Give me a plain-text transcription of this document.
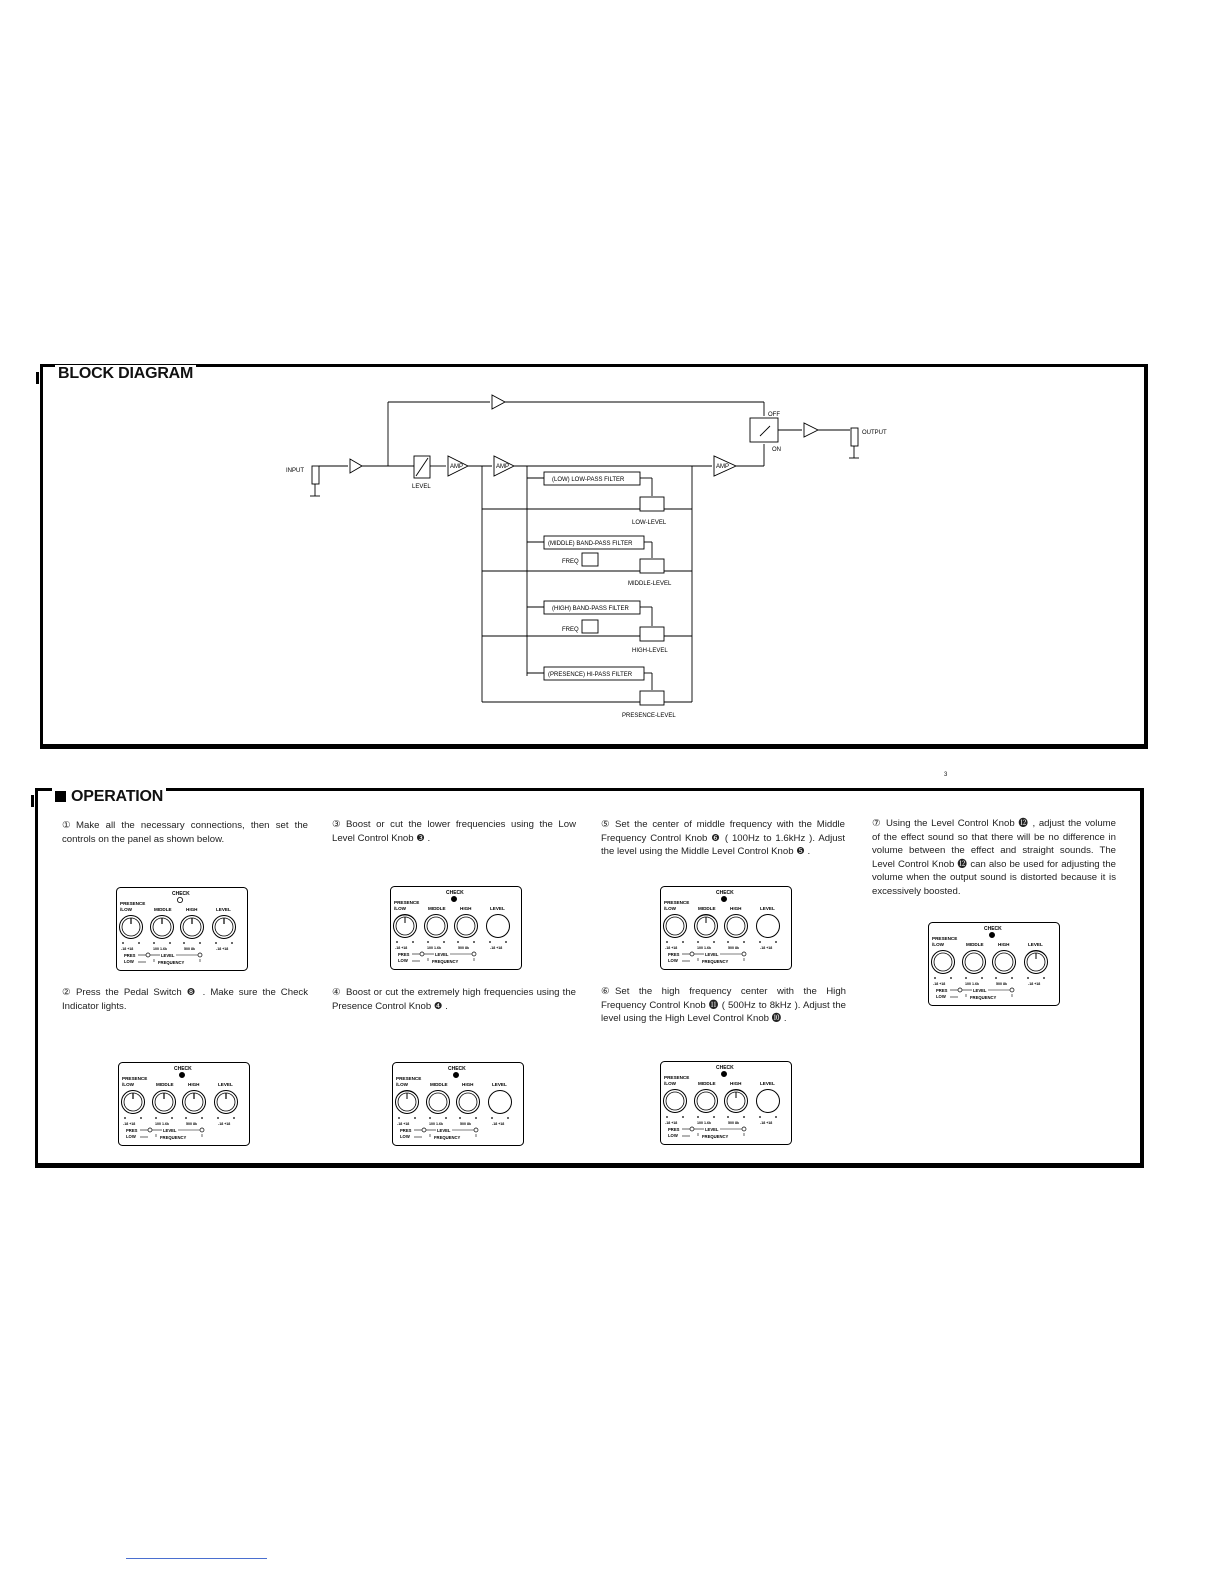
BLOCK DIAGRAM
INPUT
OUTPUT
LEVEL
AMP	AMP	AMP
OFF
ON
(LOW) LOW-PASS FILTER
LOW-LEVEL
(MIDDLE) BAND-PASS FILTER
FREQ
MIDDLE-LEVEL
(HIGH) BAND-PASS FILTER
FREQ
HIGH-LEVEL
(PRESENCE) HI-PASS FILTER
PRESENCE-LEVEL
OPERATION
3
① Make all the necessary connections, then set the controls on the panel as shown below.
② Press the Pedal Switch ❽ . Make sure the Check Indicator lights.
③ Boost or cut the lower frequencies using the Low Level Control Knob ❸ .
④ Boost or cut the extremely high frequencies using the Presence Control Knob ❹ .
⑤ Set the center of middle frequency with the Middle Frequency Control Knob ❻ ( 100Hz to 1.6kHz ). Adjust the level using the Middle Level Control Knob ❺ .
⑥ Set the high frequency center with the High Frequency Control Knob ⓫ ( 500Hz to 8kHz ). Adjust the level using the High Level Control Knob ❿ .
⑦ Using the Level Control Knob ⓬ , adjust the volume of the effect sound so that there will be no difference in volume between the effect and straight sounds. The Level Control Knob ⓬ can also be used for adjusting the volume when the output sound is distorted because it is excessively boosted.
CHECK
PRESENCE
/LOW	MIDDLE	HIGH	LEVEL
-18 +18	100 1.6k	500 8k	-18 +18
PRES
LOW
LEVEL
FREQUENCY
CHECK
PRESENCE
/LOW	MIDDLE	HIGH	LEVEL
-18 +18	100 1.6k	500 8k	-18 +18
PRES
LOW
LEVEL
FREQUENCY
CHECK
PRESENCE
/LOW	MIDDLE	HIGH	LEVEL
-18 +18	100 1.6k	500 8k	-18 +18
PRES
LOW
LEVEL
FREQUENCY
CHECK
PRESENCE
/LOW	MIDDLE	HIGH	LEVEL
-18 +18	100 1.6k	500 8k	-18 +18
PRES
LOW
LEVEL
FREQUENCY
CHECK
PRESENCE
/LOW	MIDDLE	HIGH	LEVEL
-18 +18	100 1.6k	500 8k	-18 +18
PRES
LOW
LEVEL
FREQUENCY
CHECK
PRESENCE
/LOW	MIDDLE	HIGH	LEVEL
-18 +18	100 1.6k	500 8k	-18 +18
PRES
LOW
LEVEL
FREQUENCY
CHECK
PRESENCE
/LOW	MIDDLE	HIGH	LEVEL
-18 +18	100 1.6k	500 8k	-18 +18
PRES
LOW
LEVEL
FREQUENCY
